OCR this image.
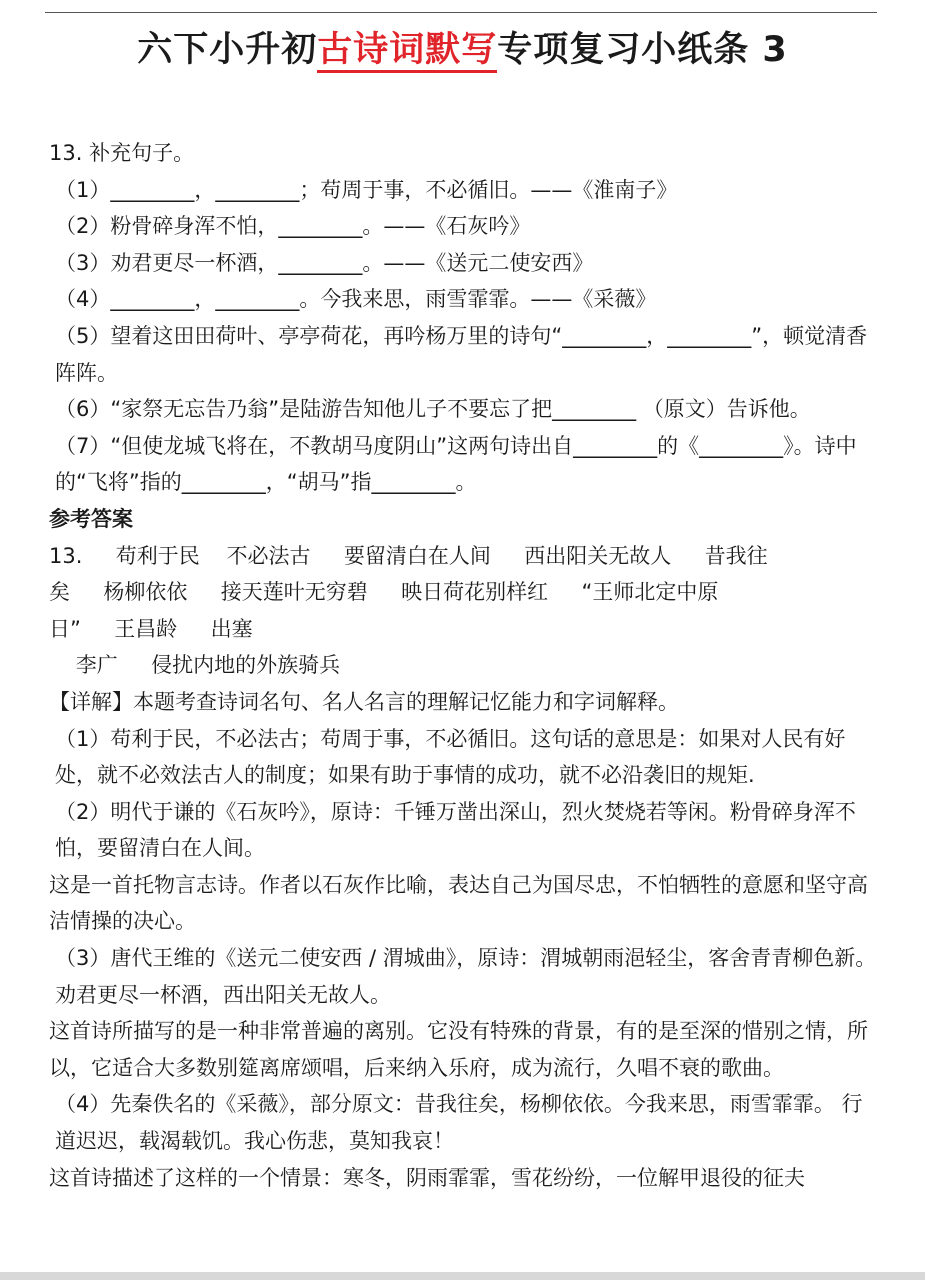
六下小升初古诗词默写专项复习小纸条 3

13. 补充句子。

（1）________，________；苟周于事，不必循旧。——《淮南子》

（2）粉骨碎身浑不怕，________。——《石灰吟》

（3）劝君更尽一杯酒，________。——《送元二使安西》

（4）________，________。今我来思，雨雪霏霏。——《采薇》

（5）望着这田田荷叶、亭亭荷花，再吟杨万里的诗句“________，________”，顿觉清香阵阵。

（6）“家祭无忘告乃翁”是陆游告知他儿子不要忘了把________ （原文）告诉他。

（7）“但使龙城飞将在，不教胡马度阴山”这两句诗出自________的《________》。诗中的“飞将”指的________，“胡马”指________。

参考答案

13.     苟利于民    不必法古     要留清白在人间     西出阳关无故人     昔我往

矣     杨柳依依     接天莲叶无穷碧     映日荷花别样红     “王师北定中原

日”     王昌龄     出塞

李广     侵扰内地的外族骑兵

【详解】本题考查诗词名句、名人名言的理解记忆能力和字词解释。

（1）苟利于民，不必法古；苟周于事，不必循旧。这句话的意思是：如果对人民有好处，就不必效法古人的制度；如果有助于事情的成功，就不必沿袭旧的规矩.

（2）明代于谦的《石灰吟》，原诗：千锤万凿出深山，烈火焚烧若等闲。粉骨碎身浑不怕，要留清白在人间。

这是一首托物言志诗。作者以石灰作比喻，表达自己为国尽忠，不怕牺牲的意愿和坚守高洁情操的决心。

（3）唐代王维的《送元二使安西 / 渭城曲》，原诗：渭城朝雨浥轻尘，客舍青青柳色新。劝君更尽一杯酒，西出阳关无故人。

这首诗所描写的是一种非常普遍的离别。它没有特殊的背景，有的是至深的惜别之情，所以，它适合大多数别筵离席颂唱，后来纳入乐府，成为流行，久唱不衰的歌曲。

（4）先秦佚名的《采薇》，部分原文：昔我往矣，杨柳依依。今我来思，雨雪霏霏。 行道迟迟，载渴载饥。我心伤悲，莫知我哀！

这首诗描述了这样的一个情景：寒冬，阴雨霏霏，雪花纷纷，一位解甲退役的征夫
